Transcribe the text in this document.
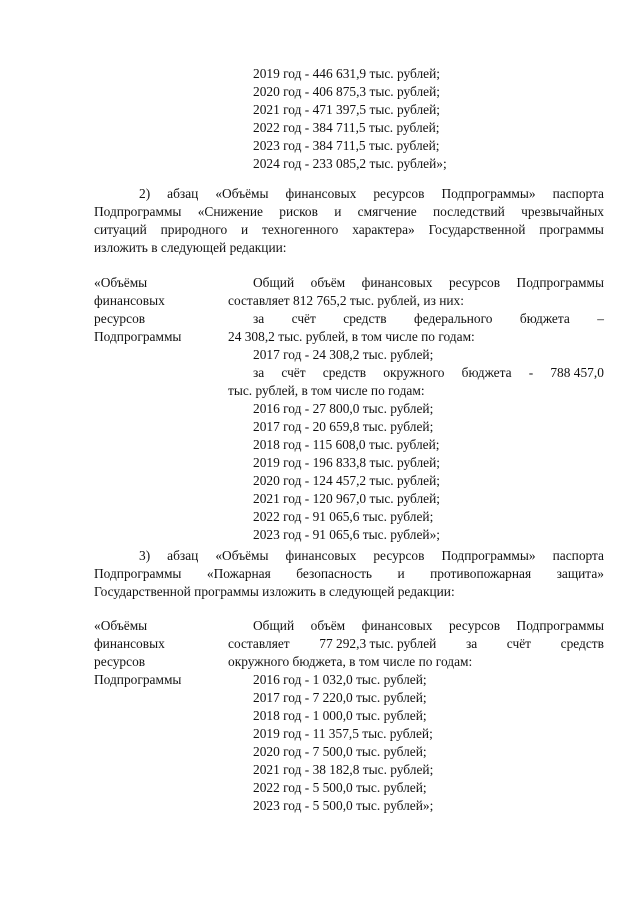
2019 год - 446 631,9 тыс. рублей;
2020 год - 406 875,3 тыс. рублей;
2021 год - 471 397,5 тыс. рублей;
2022 год - 384 711,5 тыс. рублей;
2023 год - 384 711,5 тыс. рублей;
2024 год - 233 085,2 тыс. рублей»;
2) абзац «Объёмы финансовых ресурсов Подпрограммы» паспорта
Подпрограммы «Снижение рисков и смягчение последствий чрезвычайных
ситуаций природного и техногенного характера» Государственной программы
изложить в следующей редакции:
«Объёмы
финансовых
ресурсов
Подпрограммы
Общий объём финансовых ресурсов Подпрограммы
составляет 812 765,2 тыс. рублей, из них:
за счёт средств федерального бюджета –
24 308,2 тыс. рублей, в том числе по годам:
2017 год - 24 308,2 тыс. рублей;
за счёт средств окружного бюджета - 788 457,0
тыс. рублей, в том числе по годам:
2016 год - 27 800,0 тыс. рублей;
2017 год - 20 659,8 тыс. рублей;
2018 год - 115 608,0 тыс. рублей;
2019 год - 196 833,8 тыс. рублей;
2020 год - 124 457,2 тыс. рублей;
2021 год - 120 967,0 тыс. рублей;
2022 год - 91 065,6 тыс. рублей;
2023 год - 91 065,6 тыс. рублей»;
3) абзац «Объёмы финансовых ресурсов Подпрограммы» паспорта
Подпрограммы «Пожарная безопасность и противопожарная защита»
Государственной программы изложить в следующей редакции:
«Объёмы
финансовых
ресурсов
Подпрограммы
Общий объём финансовых ресурсов Подпрограммы
составляет 77 292,3 тыс. рублей за счёт средств
окружного бюджета, в том числе по годам:
2016 год - 1 032,0 тыс. рублей;
2017 год - 7 220,0 тыс. рублей;
2018 год - 1 000,0 тыс. рублей;
2019 год - 11 357,5 тыс. рублей;
2020 год - 7 500,0 тыс. рублей;
2021 год - 38 182,8 тыс. рублей;
2022 год - 5 500,0 тыс. рублей;
2023 год - 5 500,0 тыс. рублей»;
